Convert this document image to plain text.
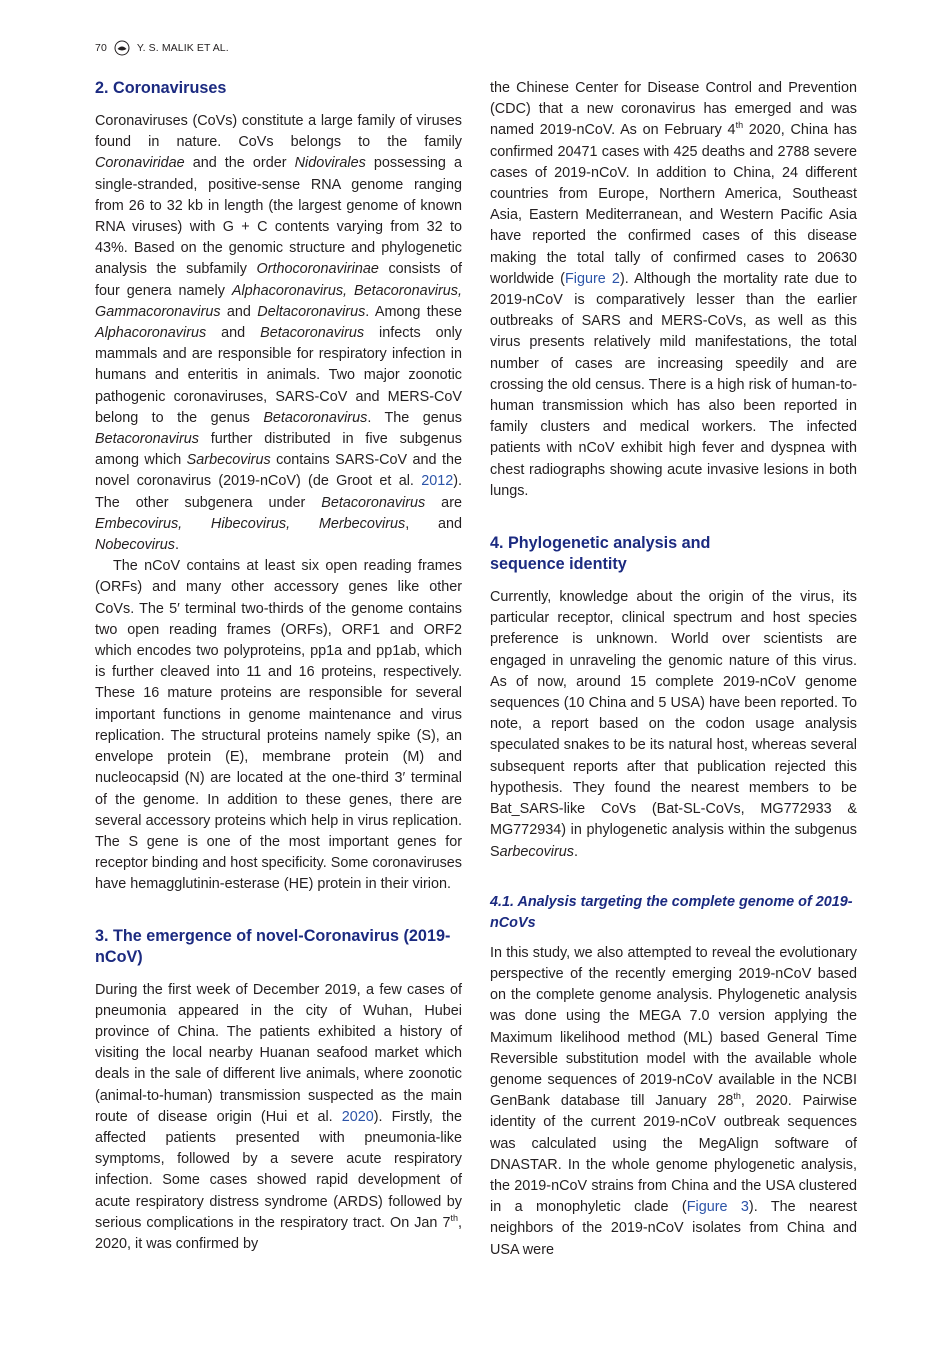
70	Y. S. MALIK ET AL.
2. Coronaviruses

Coronaviruses (CoVs) constitute a large family of viruses found in nature. CoVs belongs to the family Coronaviridae and the order Nidovirales possessing a single-stranded, positive-sense RNA genome ranging from 26 to 32 kb in length (the largest genome of known RNA viruses) with G + C contents varying from 32 to 43%. Based on the genomic structure and phylogenetic analysis the subfamily Orthocoronavirinae consists of four genera namely Alphacoronavirus, Betacoronavirus, Gammacoronavirus and Deltacoronavirus. Among these Alphacoronavirus and Betacoronavirus infects only mammals and are responsible for respiratory infection in humans and enteritis in animals. Two major zoonotic pathogenic coronaviruses, SARS-CoV and MERS-CoV belong to the genus Betacoronavirus. The genus Betacoronavirus further distributed in five subgenus among which Sarbecovirus contains SARS-CoV and the novel coronavirus (2019-nCoV) (de Groot et al. 2012). The other subgenera under Betacoronavirus are Embecovirus, Hibecovirus, Merbecovirus, and Nobecovirus.

The nCoV contains at least six open reading frames (ORFs) and many other accessory genes like other CoVs. The 5′ terminal two-thirds of the genome contains two open reading frames (ORFs), ORF1 and ORF2 which encodes two polyproteins, pp1a and pp1ab, which is further cleaved into 11 and 16 proteins, respectively. These 16 mature proteins are responsible for several important functions in genome maintenance and virus replication. The structural proteins namely spike (S), an envelope protein (E), membrane protein (M) and nucleocapsid (N) are located at the one-third 3′ terminal of the genome. In addition to these genes, there are several accessory proteins which help in virus replication. The S gene is one of the most important genes for receptor binding and host specificity. Some coronaviruses have hemagglutinin-esterase (HE) protein in their virion.

3. The emergence of novel-Coronavirus (2019-nCoV)

During the first week of December 2019, a few cases of pneumonia appeared in the city of Wuhan, Hubei province of China. The patients exhibited a history of visiting the local nearby Huanan seafood market which deals in the sale of different live animals, where zoonotic (animal-to-human) transmission suspected as the main route of disease origin (Hui et al. 2020). Firstly, the affected patients presented with pneumonia-like symptoms, followed by a severe acute respiratory infection. Some cases showed rapid development of acute respiratory distress syndrome (ARDS) followed by serious complications in the respiratory tract. On Jan 7th, 2020, it was confirmed by

the Chinese Center for Disease Control and Prevention (CDC) that a new coronavirus has emerged and was named 2019-nCoV. As on February 4th 2020, China has confirmed 20471 cases with 425 deaths and 2788 severe cases of 2019-nCoV. In addition to China, 24 different countries from Europe, Northern America, Southeast Asia, Eastern Mediterranean, and Western Pacific Asia have reported the confirmed cases of this disease making the total tally of confirmed cases to 20630 worldwide (Figure 2). Although the mortality rate due to 2019-nCoV is comparatively lesser than the earlier outbreaks of SARS and MERS-CoVs, as well as this virus presents relatively mild manifestations, the total number of cases are increasing speedily and are crossing the old census. There is a high risk of human-to-human transmission which has also been reported in family clusters and medical workers. The infected patients with nCoV exhibit high fever and dyspnea with chest radiographs showing acute invasive lesions in both lungs.

4. Phylogenetic analysis and sequence identity

Currently, knowledge about the origin of the virus, its particular receptor, clinical spectrum and host species preference is unknown. World over scientists are engaged in unraveling the genomic nature of this virus. As of now, around 15 complete 2019-nCoV genome sequences (10 China and 5 USA) have been reported. To note, a report based on the codon usage analysis speculated snakes to be its natural host, whereas several subsequent reports after that publication rejected this hypothesis. They found the nearest members to be Bat_SARS-like CoVs (Bat-SL-CoVs, MG772933 & MG772934) in phylogenetic analysis within the subgenus Sarbecovirus.

4.1. Analysis targeting the complete genome of 2019-nCoVs

In this study, we also attempted to reveal the evolutionary perspective of the recently emerging 2019-nCoV based on the complete genome analysis. Phylogenetic analysis was done using the MEGA 7.0 version applying the Maximum likelihood method (ML) based General Time Reversible substitution model with the available whole genome sequences of 2019-nCoV available in the NCBI GenBank database till January 28th, 2020. Pairwise identity of the current 2019-nCoV outbreak sequences was calculated using the MegAlign software of DNASTAR. In the whole genome phylogenetic analysis, the 2019-nCoV strains from China and the USA clustered in a monophyletic clade (Figure 3). The nearest neighbors of the 2019-nCoV isolates from China and USA were
